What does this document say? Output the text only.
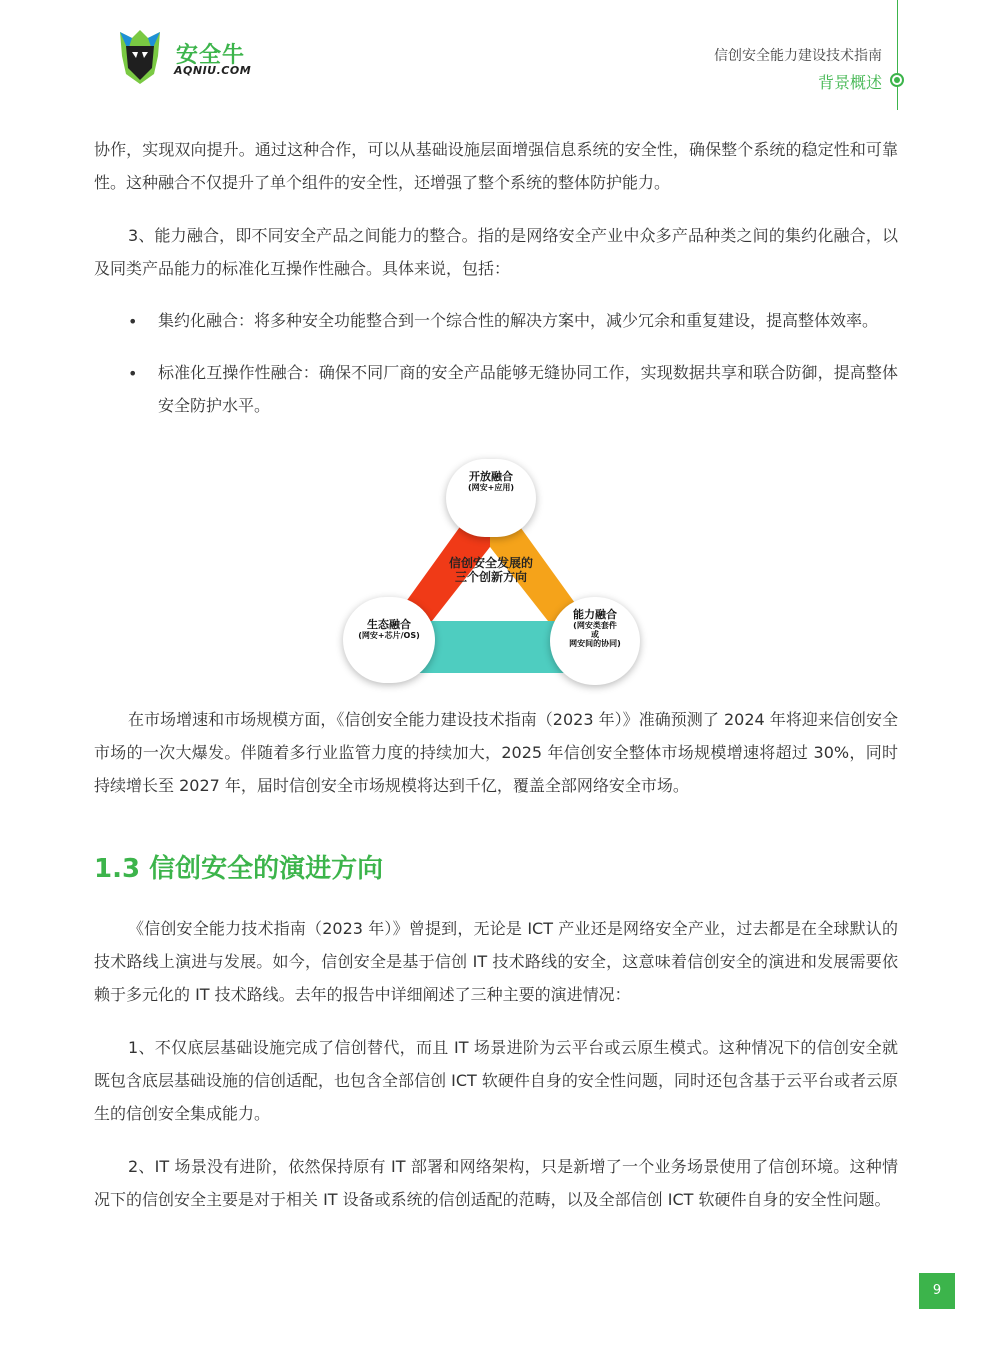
安全牛
AQNIU.COM
信创安全能力建设技术指南
背景概述

协作，实现双向提升。通过这种合作，可以从基础设施层面增强信息系统的安全性，确保整个系统的稳定性和可靠性。这种融合不仅提升了单个组件的安全性，还增强了整个系统的整体防护能力。

3、能力融合，即不同安全产品之间能力的整合。指的是网络安全产业中众多产品种类之间的集约化融合，以及同类产品能力的标准化互操作性融合。具体来说，包括：

• 集约化融合：将多种安全功能整合到一个综合性的解决方案中，减少冗余和重复建设，提高整体效率。

• 标准化互操作性融合：确保不同厂商的安全产品能够无缝协同工作，实现数据共享和联合防御，提高整体安全防护水平。

信创安全发展的
三个创新方向
开放融合
(网安+应用)
生态融合
(网安+芯片/OS)
能力融合
(网安类套件
或
网安间的协同)

在市场增速和市场规模方面，《信创安全能力建设技术指南（2023 年）》准确预测了 2024 年将迎来信创安全市场的一次大爆发。伴随着多行业监管力度的持续加大，2025 年信创安全整体市场规模增速将超过 30%，同时持续增长至 2027 年，届时信创安全市场规模将达到千亿，覆盖全部网络安全市场。

1.3 信创安全的演进方向

《信创安全能力技术指南（2023 年）》曾提到，无论是 ICT 产业还是网络安全产业，过去都是在全球默认的技术路线上演进与发展。如今，信创安全是基于信创 IT 技术路线的安全，这意味着信创安全的演进和发展需要依赖于多元化的 IT 技术路线。去年的报告中详细阐述了三种主要的演进情况：

1、不仅底层基础设施完成了信创替代，而且 IT 场景进阶为云平台或云原生模式。这种情况下的信创安全就既包含底层基础设施的信创适配，也包含全部信创 ICT 软硬件自身的安全性问题，同时还包含基于云平台或者云原生的信创安全集成能力。

2、IT 场景没有进阶，依然保持原有 IT 部署和网络架构，只是新增了一个业务场景使用了信创环境。这种情况下的信创安全主要是对于相关 IT 设备或系统的信创适配的范畴，以及全部信创 ICT 软硬件自身的安全性问题。

9
